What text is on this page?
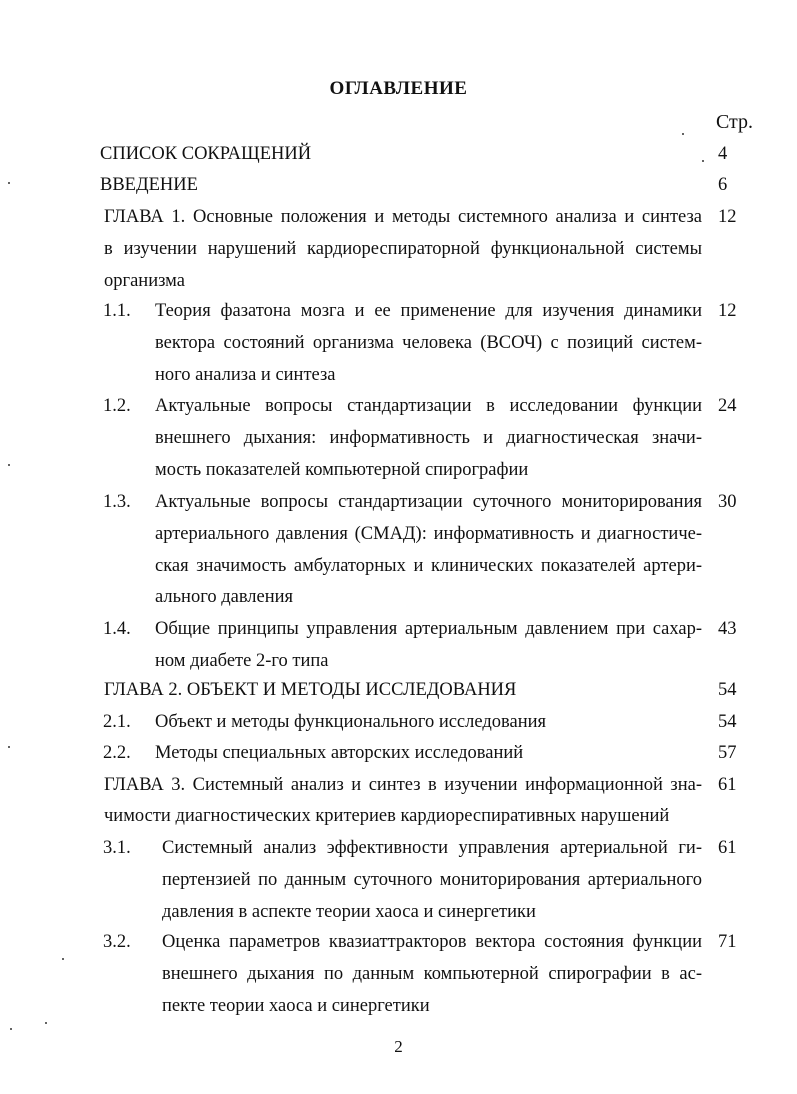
ОГЛАВЛЕНИЕ
Стр.
СПИСОК СОКРАЩЕНИЙ	4
ВВЕДЕНИЕ	6
ГЛАВА 1. Основные положения и методы системного анализа и синтеза
в изучении нарушений кардиореспираторной функциональной системы
организма
12
1.1. Теория фазатона мозга и ее применение для изучения динамики
вектора состояний организма человека (ВСОЧ) с позиций систем-
ного анализа и синтеза
12
1.2. Актуальные вопросы стандартизации в исследовании функции
внешнего дыхания: информативность и диагностическая значи-
мость показателей компьютерной спирографии
24
1.3. Актуальные вопросы стандартизации суточного мониторирования
артериального давления (СМАД): информативность и диагностиче-
ская значимость амбулаторных и клинических показателей артери-
ального давления
30
1.4. Общие принципы управления артериальным давлением при сахар-
ном диабете 2-го типа
43
ГЛАВА 2. ОБЪЕКТ И МЕТОДЫ ИССЛЕДОВАНИЯ	54
2.1. Объект и методы функционального исследования	54
2.2. Методы специальных авторских исследований	57
ГЛАВА 3. Системный анализ и синтез в изучении информационной зна-
чимости диагностических критериев кардиореспиративных нарушений
61
3.1. Системный анализ эффективности управления артериальной ги-
пертензией по данным суточного мониторирования артериального
давления в аспекте теории хаоса и синергетики
61
3.2. Оценка параметров квазиаттракторов вектора состояния функции
внешнего дыхания по данным компьютерной спирографии в ас-
пекте теории хаоса и синергетики
71
2
